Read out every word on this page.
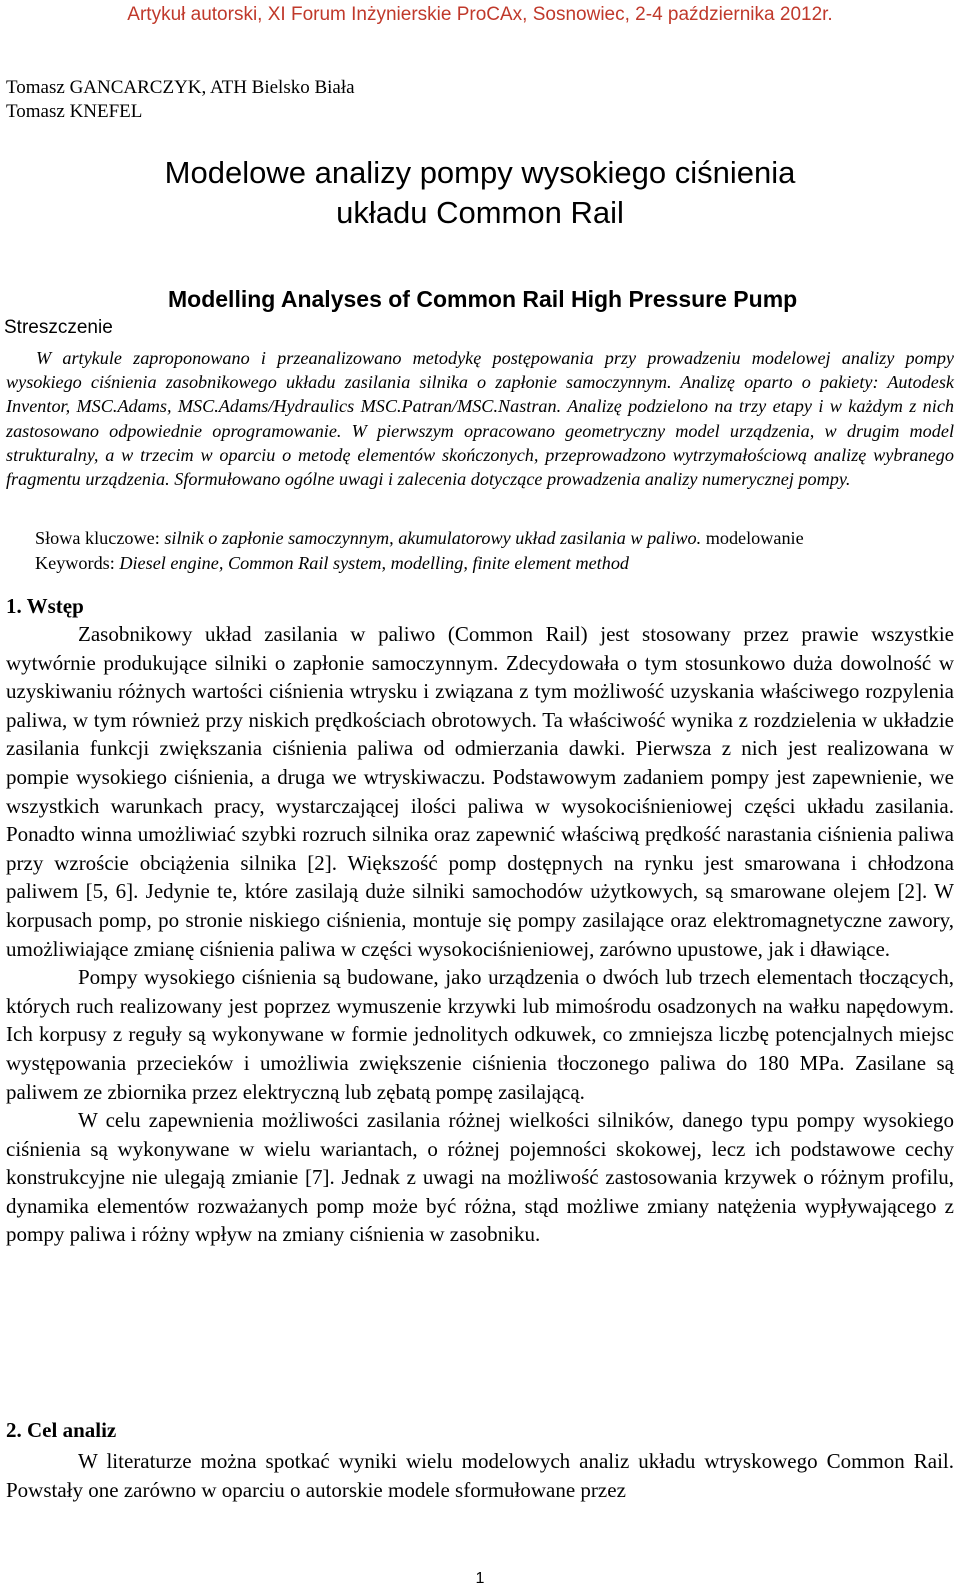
Artykuł autorski, XI Forum Inżynierskie ProCAx, Sosnowiec, 2-4 października 2012r.
Tomasz GANCARCZYK, ATH Bielsko Biała
Tomasz KNEFEL
Modelowe analizy pompy wysokiego ciśnienia
układu Common Rail
Modelling Analyses of Common Rail High Pressure Pump
Streszczenie

W artykule zaproponowano i przeanalizowano metodykę postępowania przy prowadzeniu modelowej analizy pompy wysokiego ciśnienia zasobnikowego układu zasilania silnika o zapłonie samoczynnym. Analizę oparto o pakiety: Autodesk Inventor, MSC.Adams, MSC.Adams/Hydraulics MSC.Patran/MSC.Nastran. Analizę podzielono na trzy etapy i w każdym z nich zastosowano odpowiednie oprogramowanie. W pierwszym opracowano geometryczny model urządzenia, w drugim model strukturalny, a w trzecim w oparciu o metodę elementów skończonych, przeprowadzono wytrzymałościową analizę wybranego fragmentu urządzenia. Sformułowano ogólne uwagi i zalecenia dotyczące prowadzenia analizy numerycznej pompy.

Słowa kluczowe: silnik o zapłonie samoczynnym, akumulatorowy układ zasilania w paliwo. modelowanie
Keywords: Diesel engine, Common Rail system, modelling, finite element method
1. Wstęp

Zasobnikowy układ zasilania w paliwo (Common Rail) jest stosowany przez prawie wszystkie wytwórnie produkujące silniki o zapłonie samoczynnym. Zdecydowała o tym stosunkowo duża dowolność w uzyskiwaniu różnych wartości ciśnienia wtrysku i związana z tym możliwość uzyskania właściwego rozpylenia paliwa, w tym również przy niskich prędkościach obrotowych. Ta właściwość wynika z rozdzielenia w układzie zasilania funkcji zwiększania ciśnienia paliwa od odmierzania dawki. Pierwsza z nich jest realizowana w pompie wysokiego ciśnienia, a druga we wtryskiwaczu. Podstawowym zadaniem pompy jest zapewnienie, we wszystkich warunkach pracy, wystarczającej ilości paliwa w wysokociśnieniowej części układu zasilania. Ponadto winna umożliwiać szybki rozruch silnika oraz zapewnić właściwą prędkość narastania ciśnienia paliwa przy wzroście obciążenia silnika [2]. Większość pomp dostępnych na rynku jest smarowana i chłodzona paliwem [5, 6]. Jedynie te, które zasilają duże silniki samochodów użytkowych, są smarowane olejem [2]. W korpusach pomp, po stronie niskiego ciśnienia, montuje się pompy zasilające oraz elektromagnetyczne zawory, umożliwiające zmianę ciśnienia paliwa w części wysokociśnieniowej, zarówno upustowe, jak i dławiące.

Pompy wysokiego ciśnienia są budowane, jako urządzenia o dwóch lub trzech elementach tłoczących, których ruch realizowany jest poprzez wymuszenie krzywki lub mimośrodu osadzonych na wałku napędowym. Ich korpusy z reguły są wykonywane w formie jednolitych odkuwek, co zmniejsza liczbę potencjalnych miejsc występowania przecieków i umożliwia zwiększenie ciśnienia tłoczonego paliwa do 180 MPa. Zasilane są paliwem ze zbiornika przez elektryczną lub zębatą pompę zasilającą.

W celu zapewnienia możliwości zasilania różnej wielkości silników, danego typu pompy wysokiego ciśnienia są wykonywane w wielu wariantach, o różnej pojemności skokowej, lecz ich podstawowe cechy konstrukcyjne nie ulegają zmianie [7]. Jednak z uwagi na możliwość zastosowania krzywek o różnym profilu, dynamika elementów rozważanych pomp może być różna, stąd możliwe zmiany natężenia wypływającego z pompy paliwa i różny wpływ na zmiany ciśnienia w zasobniku.

2. Cel analiz

W literaturze można spotkać wyniki wielu modelowych analiz układu wtryskowego Common Rail. Powstały one zarówno w oparciu o autorskie modele sformułowane przez

1
